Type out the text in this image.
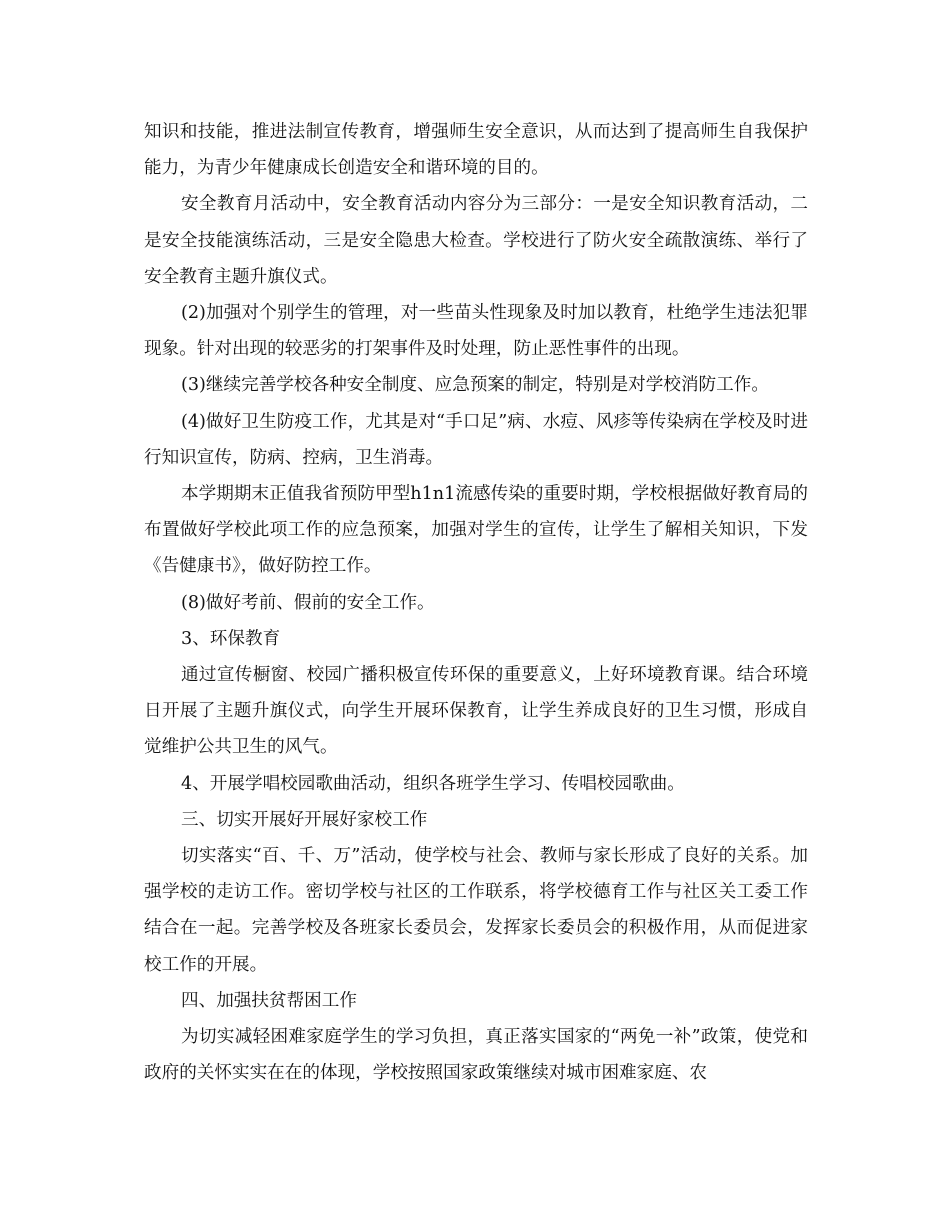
知识和技能，推进法制宣传教育，增强师生安全意识，从而达到了提高师生自我保护能力，为青少年健康成长创造安全和谐环境的目的。

安全教育月活动中，安全教育活动内容分为三部分：一是安全知识教育活动，二是安全技能演练活动，三是安全隐患大检查。学校进行了防火安全疏散演练、举行了安全教育主题升旗仪式。

(2)加强对个别学生的管理，对一些苗头性现象及时加以教育，杜绝学生违法犯罪现象。针对出现的较恶劣的打架事件及时处理，防止恶性事件的出现。

(3)继续完善学校各种安全制度、应急预案的制定，特别是对学校消防工作。

(4)做好卫生防疫工作，尤其是对“手口足”病、水痘、风疹等传染病在学校及时进行知识宣传，防病、控病，卫生消毒。

本学期期末正值我省预防甲型h1n1流感传染的重要时期，学校根据做好教育局的布置做好学校此项工作的应急预案，加强对学生的宣传，让学生了解相关知识，下发《告健康书》，做好防控工作。

(8)做好考前、假前的安全工作。

3、环保教育

通过宣传橱窗、校园广播积极宣传环保的重要意义，上好环境教育课。结合环境日开展了主题升旗仪式，向学生开展环保教育，让学生养成良好的卫生习惯，形成自觉维护公共卫生的风气。

4、开展学唱校园歌曲活动，组织各班学生学习、传唱校园歌曲。

三、切实开展好开展好家校工作

切实落实“百、千、万”活动，使学校与社会、教师与家长形成了良好的关系。加强学校的走访工作。密切学校与社区的工作联系，将学校德育工作与社区关工委工作结合在一起。完善学校及各班家长委员会，发挥家长委员会的积极作用，从而促进家校工作的开展。

四、加强扶贫帮困工作

为切实减轻困难家庭学生的学习负担，真正落实国家的“两免一补”政策，使党和政府的关怀实实在在的体现，学校按照国家政策继续对城市困难家庭、农
